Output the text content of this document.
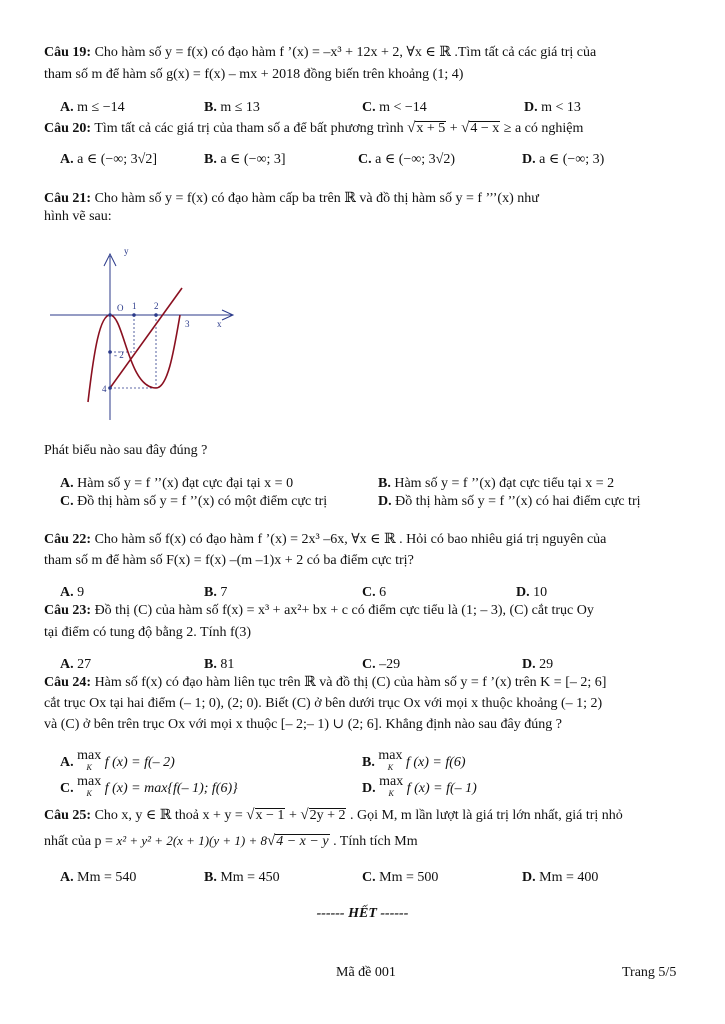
Câu 19: Cho hàm số y = f(x) có đạo hàm f ’(x) = –x³ + 12x + 2, ∀x ∈ ℝ .Tìm tất cả các giá trị của
tham số m để hàm số g(x) = f(x) – mx + 2018 đồng biến trên khoảng (1; 4)
A. m ≤ −14	B. m ≤ 13	C. m < −14	D. m < 13
Câu 20: Tìm tất cả các giá trị của tham số a để bất phương trình √x + 5 + √4 − x ≥ a có nghiệm
A. a ∈ (−∞; 3√2]	B. a ∈ (−∞; 3]	C. a ∈ (−∞; 3√2)	D. a ∈ (−∞; 3)
Câu 21: Cho hàm số y = f(x) có đạo hàm cấp ba trên ℝ và đồ thị hàm số y = f ’’’(x) như
hình vẽ sau:
y
x
O 1 2
3
- 2
4
Phát biểu nào sau đây đúng ?
A. Hàm số y = f ’’(x) đạt cực đại tại x = 0	B. Hàm số y = f ’’(x) đạt cực tiểu tại x = 2
C. Đồ thị hàm số y = f ’’(x) có một điểm cực trị	D. Đồ thị hàm số y = f ’’(x) có hai điểm cực trị
Câu 22: Cho hàm số f(x) có đạo hàm f ’(x) = 2x³ –6x, ∀x ∈ ℝ . Hỏi có bao nhiêu giá trị nguyên của
tham số m để hàm số F(x) = f(x) –(m –1)x + 2 có ba điểm cực trị?
A. 9	B. 7	C. 6	D. 10
Câu 23: Đồ thị (C) của hàm số f(x) = x³ + ax²+ bx + c có điểm cực tiểu là (1; – 3), (C) cắt trục Oy
tại điểm có tung độ bằng 2. Tính f(3)
A. 27	B. 81	C. –29	D. 29
Câu 24: Hàm số f(x) có đạo hàm liên tục trên ℝ và đồ thị (C) của hàm số y = f ’(x) trên K = [– 2; 6]
cắt trục Ox tại hai điểm (– 1; 0), (2; 0). Biết (C) ở bên dưới trục Ox với mọi x thuộc khoảng (– 1; 2)
và (C) ở bên trên trục Ox với mọi x thuộc [– 2;– 1) ∪ (2; 6]. Khẳng định nào sau đây đúng ?
A. max
K f (x) = f(– 2)	B. max
K f (x) = f(6)
C. max
K f (x) = max{f(– 1); f(6)}	D. max
K f (x) = f(– 1)
Câu 25: Cho x, y ∈ ℝ thoả x + y = √x − 1 + √2y + 2 . Gọi M, m lần lượt là giá trị lớn nhất, giá trị nhỏ
nhất của p = x² + y² + 2(x + 1)(y + 1) + 8√4 − x − y . Tính tích Mm
A. Mm = 540	B. Mm = 450	C. Mm = 500	D. Mm = 400
------ HẾT ------
Mã đề 001	Trang 5/5
